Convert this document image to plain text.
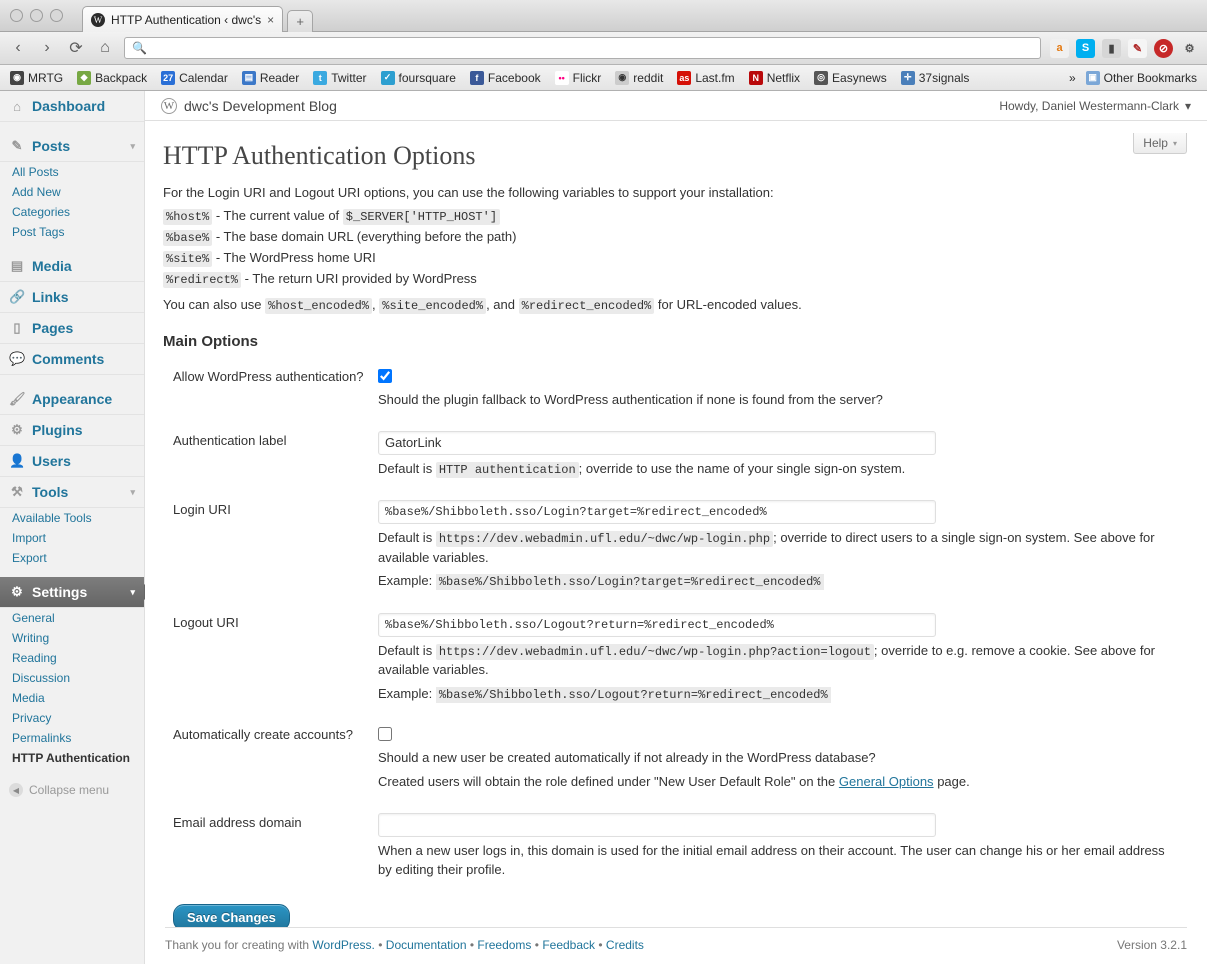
W HTTP Authentication ‹ dwc's ×	+
‹	›	⟳	⌂	🔍	a	S	▮	✎	⊘	⚙
◉ MRTG	◆ Backpack 27 Calendar	▤ Reader	t Twitter	✓ foursquare	f Facebook	•• Flickr	◉ reddit as Last.fm	N Netflix	◎ Easynews	✛ 37signals	»	▣ Other Bookmarks
⌂ Dashboard
✎ Posts	▾
All Posts
Add New
Categories
Post Tags
▤ Media
🔗 Links
▯ Pages
💬 Comments
🖌 Appearance
⚙ Plugins
👤 Users
⚒ Tools	▾
Available Tools
Import
Export
⚙ Settings	▾
General
Writing
Reading
Discussion
Media
Privacy
Permalinks
HTTP Authentication
◀ Collapse menu
W dwc's Development Blog	Howdy, Daniel Westermann-Clark ▾
Help ▾
HTTP Authentication Options

For the Login URI and Logout URI options, you can use the following variables to support your installation:

%host% - The current value of $_SERVER['HTTP_HOST']
%base% - The base domain URL (everything before the path)
%site% - The WordPress home URI
%redirect% - The return URI provided by WordPress

You can also use %host_encoded% , %site_encoded% , and %redirect_encoded% for URL-encoded values.

Main Options
Allow WordPress authentication?	Should the plugin fallback to WordPress authentication if none is found from the server?

Authentication label	GatorLink
Default is HTTP authentication ; override to use the name of your single sign-on system.

Login URI	%base%/Shibboleth.sso/Login?target=%redirect_encoded%
Default is https://dev.webadmin.ufl.edu/~dwc/wp-login.php ; override to direct users to a single sign-on system. See above for available variables.
Example: %base%/Shibboleth.sso/Login?target=%redirect_encoded%

Logout URI	%base%/Shibboleth.sso/Logout?return=%redirect_encoded%
Default is https://dev.webadmin.ufl.edu/~dwc/wp-login.php?action=logout ; override to e.g. remove a cookie. See above for available variables.
Example: %base%/Shibboleth.sso/Logout?return=%redirect_encoded%

Automatically create accounts?	Should a new user be created automatically if not already in the WordPress database?
Created users will obtain the role defined under "New User Default Role" on the General Options page.

Email address domain	When a new user logs in, this domain is used for the initial email address on their account. The user can change his or her email address by editing their profile.
Save Changes
Thank you for creating with
WordPress.
•
Documentation
•
Freedoms
•
Feedback
•
Credits	Version 3.2.1
